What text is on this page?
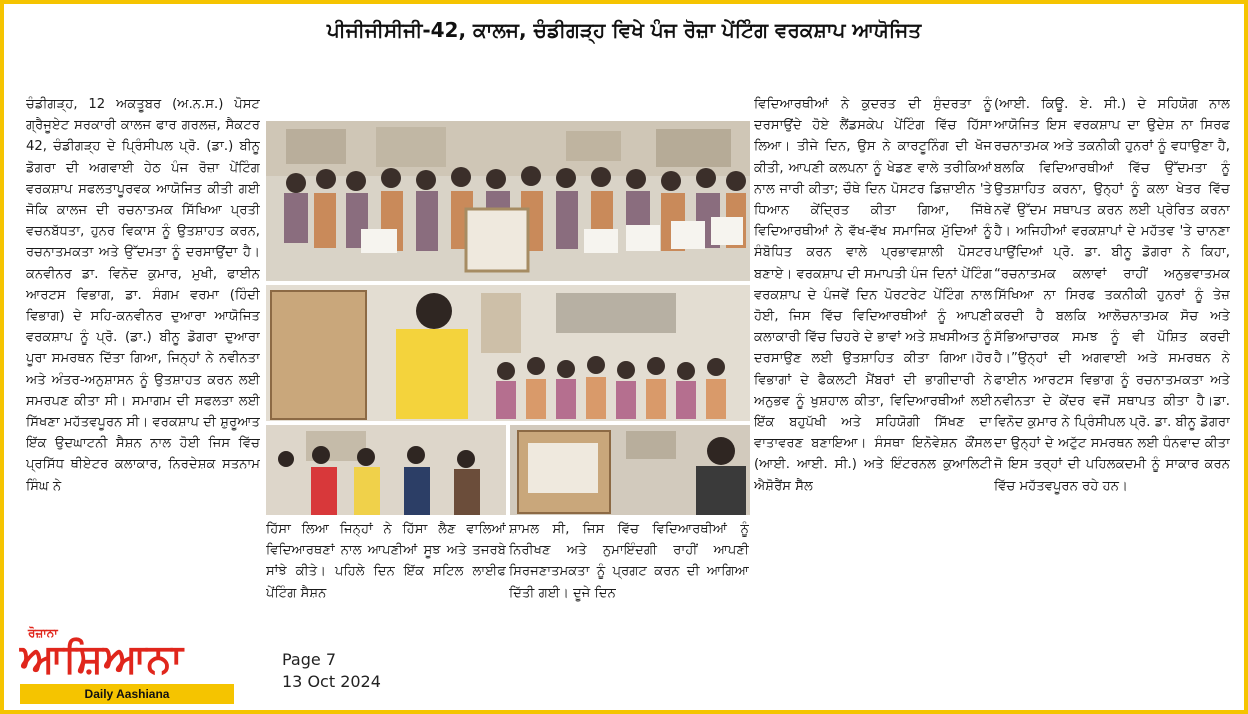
ਪੀਜੀਜੀਸੀਜੀ-42, ਕਾਲਜ, ਚੰਡੀਗੜ੍ਹ ਵਿਖੇ ਪੰਜ ਰੋਜ਼ਾ ਪੇਂਟਿੰਗ ਵਰਕਸ਼ਾਪ ਆਯੋਜਿਤ
ਚੰਡੀਗੜ੍ਹ, 12 ਅਕਤੂਬਰ (ਅ.ਨ.ਸ.) ਪੋਸਟ ਗ੍ਰੈਜੂਏਟ ਸਰਕਾਰੀ ਕਾਲਜ ਫਾਰ ਗਰਲਜ਼, ਸੈਕਟਰ 42, ਚੰਡੀਗੜ੍ਹ ਦੇ ਪ੍ਰਿੰਸੀਪਲ ਪ੍ਰੋ. (ਡਾ.) ਬੀਨੂ ਡੋਗਰਾ ਦੀ ਅਗਵਾਈ ਹੇਠ ਪੰਜ ਰੋਜ਼ਾ ਪੇਂਟਿੰਗ ਵਰਕਸ਼ਾਪ ਸਫਲਤਾਪੂਰਵਕ ਆਯੋਜਿਤ ਕੀਤੀ ਗਈ ਜੋਕਿ ਕਾਲਜ ਦੀ ਰਚਨਾਤਮਕ ਸਿੱਖਿਆ ਪ੍ਰਤੀ ਵਚਨਬੱਧਤਾ, ਹੁਨਰ ਵਿਕਾਸ ਨੂੰ ਉਤਸ਼ਾਹਤ ਕਰਨ, ਰਚਨਾਤਮਕਤਾ ਅਤੇ ਉੱਦਮਤਾ ਨੂੰ ਦਰਸਾਉਂਦਾ ਹੈ। ਕਨਵੀਨਰ ਡਾ. ਵਿਨੋਦ ਕੁਮਾਰ, ਮੁਖੀ, ਫਾਈਨ ਆਰਟਸ ਵਿਭਾਗ, ਡਾ. ਸੰਗਮ ਵਰਮਾ (ਹਿੰਦੀ ਵਿਭਾਗ) ਦੇ ਸਹਿ-ਕਨਵੀਨਰ ਦੁਆਰਾ ਆਯੋਜਿਤ ਵਰਕਸ਼ਾਪ ਨੂੰ ਪ੍ਰੋ. (ਡਾ.) ਬੀਨੂ ਡੋਗਰਾ ਦੁਆਰਾ ਪੂਰਾ ਸਮਰਥਨ ਦਿੱਤਾ ਗਿਆ, ਜਿਨ੍ਹਾਂ ਨੇ ਨਵੀਨਤਾ ਅਤੇ ਅੰਤਰ-ਅਨੁਸ਼ਾਸਨ ਨੂੰ ਉਤਸ਼ਾਹਤ ਕਰਨ ਲਈ ਸਮਰਪਣ ਕੀਤਾ ਸੀ। ਸਮਾਗਮ ਦੀ ਸਫਲਤਾ ਲਈ ਸਿੱਖਣਾ ਮਹੱਤਵਪੂਰਨ ਸੀ। ਵਰਕਸ਼ਾਪ ਦੀ ਸ਼ੁਰੂਆਤ ਇੱਕ ਉਦਘਾਟਨੀ ਸੈਸ਼ਨ ਨਾਲ ਹੋਈ ਜਿਸ ਵਿੱਚ ਪ੍ਰਸਿੱਧ ਥੀਏਟਰ ਕਲਾਕਾਰ, ਨਿਰਦੇਸ਼ਕ ਸਤਨਾਮ ਸਿੰਘ ਨੇ
ਹਿੱਸਾ ਲਿਆ ਜਿਨ੍ਹਾਂ ਨੇ ਹਿੱਸਾ ਲੈਣ ਵਾਲਿਆਂ ਵਿਦਿਆਰਥਣਾਂ ਨਾਲ ਆਪਣੀਆਂ ਸੂਝ ਅਤੇ ਤਜਰਬੇ ਸਾਂਝੇ ਕੀਤੇ। ਪਹਿਲੇ ਦਿਨ ਇੱਕ ਸਟਿਲ ਲਾਈਫ ਪੇਂਟਿੰਗ ਸੈਸ਼ਨ
ਸ਼ਾਮਲ ਸੀ, ਜਿਸ ਵਿੱਚ ਵਿਦਿਆਰਥੀਆਂ ਨੂੰ ਨਿਰੀਖਣ ਅਤੇ ਨੁਮਾਇੰਦਗੀ ਰਾਹੀਂ ਆਪਣੀ ਸਿਰਜਣਾਤਮਕਤਾ ਨੂੰ ਪ੍ਰਗਟ ਕਰਨ ਦੀ ਆਗਿਆ ਦਿੱਤੀ ਗਈ। ਦੂਜੇ ਦਿਨ
ਵਿਦਿਆਰਥੀਆਂ ਨੇ ਕੁਦਰਤ ਦੀ ਸੁੰਦਰਤਾ ਨੂੰ ਦਰਸਾਉਂਦੇ ਹੋਏ ਲੈਂਡਸਕੇਪ ਪੇਂਟਿੰਗ ਵਿੱਚ ਹਿੱਸਾ ਲਿਆ। ਤੀਜੇ ਦਿਨ, ਉਸ ਨੇ ਕਾਰਟੂਨਿੰਗ ਦੀ ਖੋਜ ਕੀਤੀ, ਆਪਣੀ ਕਲਪਨਾ ਨੂੰ ਖੇਡਣ ਵਾਲੇ ਤਰੀਕਿਆਂ ਨਾਲ ਜਾਰੀ ਕੀਤਾ; ਚੌਥੇ ਦਿਨ ਪੋਸਟਰ ਡਿਜ਼ਾਈਨ 'ਤੇ ਧਿਆਨ ਕੇਂਦ੍ਰਿਤ ਕੀਤਾ ਗਿਆ, ਜਿੱਥੇ ਵਿਦਿਆਰਥੀਆਂ ਨੇ ਵੱਖ-ਵੱਖ ਸਮਾਜਿਕ ਮੁੱਦਿਆਂ ਨੂੰ ਸੰਬੋਧਿਤ ਕਰਨ ਵਾਲੇ ਪ੍ਰਭਾਵਸ਼ਾਲੀ ਪੋਸਟਰ ਬਣਾਏ। ਵਰਕਸ਼ਾਪ ਦੀ ਸਮਾਪਤੀ ਪੰਜ ਦਿਨਾਂ ਪੇਂਟਿੰਗ ਵਰਕਸ਼ਾਪ ਦੇ ਪੰਜਵੇਂ ਦਿਨ ਪੋਰਟਰੇਟ ਪੇਂਟਿੰਗ ਨਾਲ ਹੋਈ, ਜਿਸ ਵਿੱਚ ਵਿਦਿਆਰਥੀਆਂ ਨੂੰ ਆਪਣੀ ਕਲਾਕਾਰੀ ਵਿੱਚ ਚਿਹਰੇ ਦੇ ਭਾਵਾਂ ਅਤੇ ਸ਼ਖਸੀਅਤ ਨੂੰ ਦਰਸਾਉਣ ਲਈ ਉਤਸ਼ਾਹਿਤ ਕੀਤਾ ਗਿਆ।ਹੋਰ ਵਿਭਾਗਾਂ ਦੇ ਫੈਕਲਟੀ ਮੈਂਬਰਾਂ ਦੀ ਭਾਗੀਦਾਰੀ ਨੇ ਅਨੁਭਵ ਨੂੰ ਖੁਸ਼ਹਾਲ ਕੀਤਾ, ਵਿਦਿਆਰਥੀਆਂ ਲਈ ਇੱਕ ਬਹੁਪੱਖੀ ਅਤੇ ਸਹਿਯੋਗੀ ਸਿੱਖਣ ਦਾ ਵਾਤਾਵਰਣ ਬਣਾਇਆ। ਸੰਸਥਾ ਇਨੋਵੇਸ਼ਨ ਕੌਂਸਲ (ਆਈ. ਆਈ. ਸੀ.) ਅਤੇ ਇੰਟਰਨਲ ਕੁਆਲਿਟੀ ਐਸ਼ੋਰੈਂਸ ਸੈੱਲ
(ਆਈ. ਕਿਊ. ਏ. ਸੀ.) ਦੇ ਸਹਿਯੋਗ ਨਾਲ ਆਯੋਜਿਤ ਇਸ ਵਰਕਸ਼ਾਪ ਦਾ ਉਦੇਸ਼ ਨਾ ਸਿਰਫ ਰਚਨਾਤਮਕ ਅਤੇ ਤਕਨੀਕੀ ਹੁਨਰਾਂ ਨੂੰ ਵਧਾਉਣਾ ਹੈ, ਬਲਕਿ ਵਿਦਿਆਰਥੀਆਂ ਵਿੱਚ ਉੱਦਮਤਾ ਨੂੰ ਉਤਸ਼ਾਹਿਤ ਕਰਨਾ, ਉਨ੍ਹਾਂ ਨੂੰ ਕਲਾ ਖੇਤਰ ਵਿੱਚ ਨਵੇਂ ਉੱਦਮ ਸਥਾਪਤ ਕਰਨ ਲਈ ਪ੍ਰੇਰਿਤ ਕਰਨਾ ਹੈ। ਅਜਿਹੀਆਂ ਵਰਕਸ਼ਾਪਾਂ ਦੇ ਮਹੱਤਵ 'ਤੇ ਚਾਨਣਾ ਪਾਉਂਦਿਆਂ ਪ੍ਰੋ. ਡਾ. ਬੀਨੂ ਡੋਗਰਾ ਨੇ ਕਿਹਾ, “ਰਚਨਾਤਮਕ ਕਲਾਵਾਂ ਰਾਹੀਂ ਅਨੁਭਵਾਤਮਕ ਸਿੱਖਿਆ ਨਾ ਸਿਰਫ ਤਕਨੀਕੀ ਹੁਨਰਾਂ ਨੂੰ ਤੇਜ਼ ਕਰਦੀ ਹੈ ਬਲਕਿ ਆਲੋਚਨਾਤਮਕ ਸੋਚ ਅਤੇ ਸੱਭਿਆਚਾਰਕ ਸਮਝ ਨੂੰ ਵੀ ਪੋਸ਼ਿਤ ਕਰਦੀ ਹੈ।”ਉਨ੍ਹਾਂ ਦੀ ਅਗਵਾਈ ਅਤੇ ਸਮਰਥਨ ਨੇ ਫਾਈਨ ਆਰਟਸ ਵਿਭਾਗ ਨੂੰ ਰਚਨਾਤਮਕਤਾ ਅਤੇ ਨਵੀਨਤਾ ਦੇ ਕੇਂਦਰ ਵਜੋਂ ਸਥਾਪਤ ਕੀਤਾ ਹੈ।ਡਾ. ਵਿਨੋਦ ਕੁਮਾਰ ਨੇ ਪ੍ਰਿੰਸੀਪਲ ਪ੍ਰੋ. ਡਾ. ਬੀਨੂ ਡੋਗਰਾ ਦਾ ਉਨ੍ਹਾਂ ਦੇ ਅਟੁੱਟ ਸਮਰਥਨ ਲਈ ਧੰਨਵਾਦ ਕੀਤਾ ਜੋ ਇਸ ਤਰ੍ਹਾਂ ਦੀ ਪਹਿਲਕਦਮੀ ਨੂੰ ਸਾਕਾਰ ਕਰਨ ਵਿੱਚ ਮਹੱਤਵਪੂਰਨ ਰਹੇ ਹਨ।
ਰੋਜ਼ਾਨਾ
ਆਸ਼ਿਆਨਾ
Daily Aashiana
Page 7
13 Oct 2024
